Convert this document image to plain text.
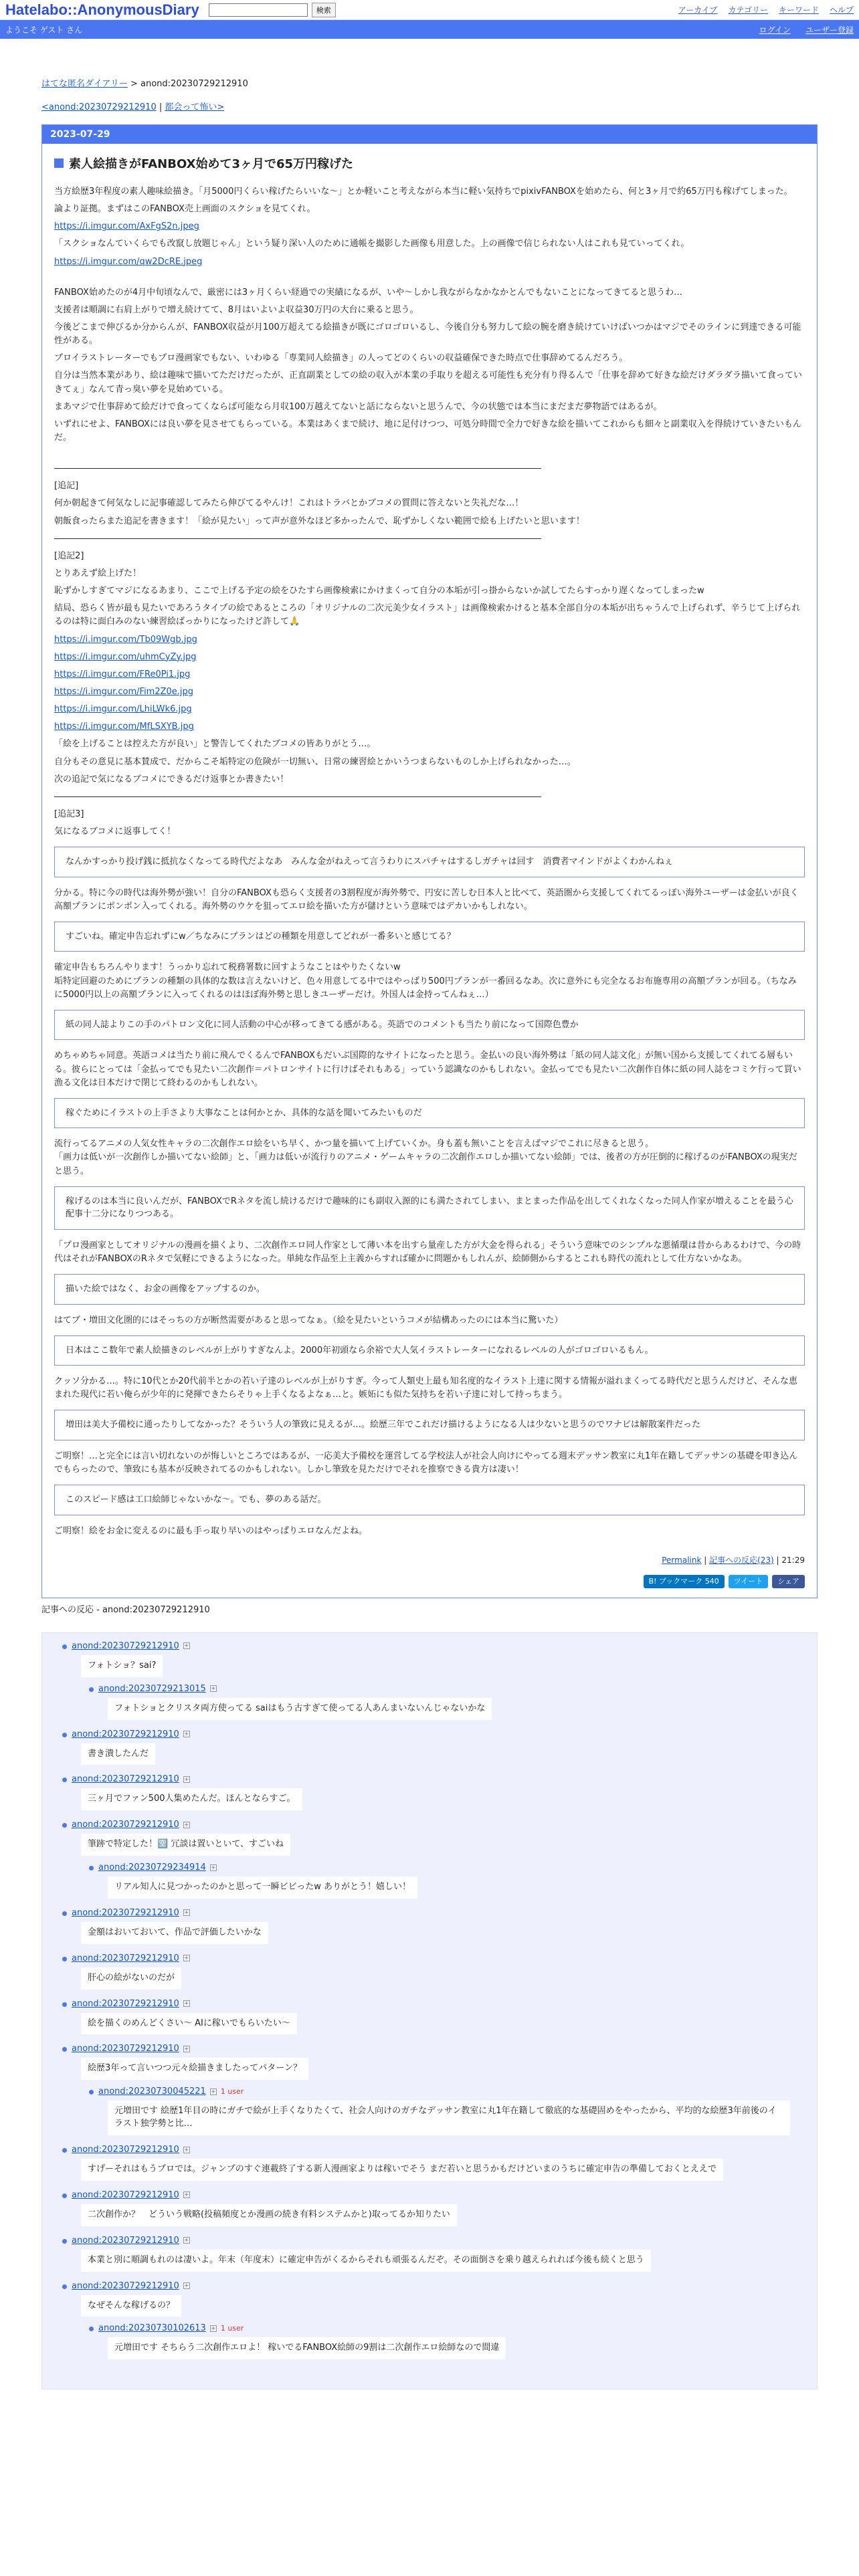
Hatelabo::AnonymousDiary	検索	アーカイブ カテゴリー キーワード ヘルプ
ようこそ ゲスト さん	ログイン ユーザー登録
はてな匿名ダイアリー > anond:20230729212910
<anond:20230729212910 | 都会って怖い>
2023-07-29
素人絵描きがFANBOX始めて3ヶ月で65万円稼げた
当方絵歴3年程度の素人趣味絵描き。「月5000円くらい稼げたらいいな〜」とか軽いこと考えながら本当に軽い気持ちでpixivFANBOXを始めたら、何と3ヶ月で約65万円も稼げてしまった。
論より証拠。まずはこのFANBOX売上画面のスクショを見てくれ。
https://i.imgur.com/AxFgS2n.jpeg
「スクショなんていくらでも改竄し放題じゃん」という疑り深い人のために通帳を撮影した画像も用意した。上の画像で信じられない人はこれも見ていってくれ。
https://i.imgur.com/qw2DcRE.jpeg
FANBOX始めたのが4月中旬頃なんで、厳密には3ヶ月くらい経過での実績になるが、いや〜しかし我ながらなかなかとんでもないことになってきてると思うわ…
支援者は順調に右肩上がりで増え続けてて、8月はいよいよ収益30万円の大台に乗ると思う。
今後どこまで伸びるか分からんが、FANBOX収益が月100万超えてる絵描きが既にゴロゴロいるし、今後自分も努力して絵の腕を磨き続けていけばいつかはマジでそのラインに到達できる可能性がある。
プロイラストレーターでもプロ漫画家でもない、いわゆる「専業同人絵描き」の人ってどのくらいの収益確保できた時点で仕事辞めてるんだろう。
自分は当然本業があり、絵は趣味で描いてただけだったが、正直副業としての絵の収入が本業の手取りを超える可能性も充分有り得るんで「仕事を辞めて好きな絵だけダラダラ描いて食っていきてぇ」なんて青っ臭い夢を見始めている。
まあマジで仕事辞めて絵だけで食ってくならば可能なら月収100万越えてないと話にならないと思うんで、今の状態では本当にまだまだ夢物語ではあるが。
いずれにせよ、FANBOXには良い夢を見させてもらっている。本業はあくまで続け、地に足付けつつ、可処分時間で全力で好きな絵を描いてこれからも細々と副業収入を得続けていきたいもんだ。
――――――――――――――――――――――――――――――――――――――――――――――――――――――――
[追記]
何か朝起きて何気なしに記事確認してみたら伸びてるやんけ！これはトラバとかブコメの質問に答えないと失礼だな…！
朝飯食ったらまた追記を書きます！「絵が見たい」って声が意外なほど多かったんで、恥ずかしくない範囲で絵も上げたいと思います！
――――――――――――――――――――――――――――――――――――――――――――――――――――――――
[追記2]
とりあえず絵上げた！
恥ずかしすぎてマジになるあまり、ここで上げる予定の絵をひたすら画像検索にかけまくって自分の本垢が引っ掛からないか試してたらすっかり遅くなってしまったw
結局、恐らく皆が最も見たいであろうタイプの絵であるところの「オリジナルの二次元美少女イラスト」は画像検索かけると基本全部自分の本垢が出ちゃうんで上げられず、辛うじて上げられるのは特に面白みのない練習絵ばっかりになったけど許して🙏
https://i.imgur.com/Tb09Wgb.jpg
https://i.imgur.com/uhmCyZy.jpg
https://i.imgur.com/FRe0Pi1.jpg
https://i.imgur.com/Fim2Z0e.jpg
https://i.imgur.com/LhiLWk6.jpg
https://i.imgur.com/MfLSXYB.jpg
「絵を上げることは控えた方が良い」と警告してくれたブコメの皆ありがとう…。
自分もその意見に基本賛成で、だからこそ垢特定の危険が一切無い、日常の練習絵とかいうつまらないものしか上げられなかった…。
次の追記で気になるブコメにできるだけ返事とか書きたい！
――――――――――――――――――――――――――――――――――――――――――――――――――――――――
[追記3]
気になるブコメに返事してく！
なんかすっかり投げ銭に抵抗なくなってる時代だよなあ　みんな金がねえって言うわりにスパチャはするしガチャは回す　消費者マインドがよくわかんねぇ
分かる。特に今の時代は海外勢が強い！自分のFANBOXも恐らく支援者の3割程度が海外勢で、円安に苦しむ日本人と比べて、英語圏から支援してくれてるっぽい海外ユーザーは金払いが良く高額プランにポンポン入ってくれる。海外勢のウケを狙ってエロ絵を描いた方が儲けという意味ではデカいかもしれない。
すごいね。確定申告忘れずにw／ちなみにプランはどの種類を用意してどれが一番多いと感じてる？
確定申告もちろんやります！うっかり忘れて税務署数に回すようなことはやりたくないw
垢特定回避のためにプランの種類の具体的な数は言えないけど、色々用意してる中ではやっぱり500円プランが一番回るなあ。次に意外にも完全なるお布施専用の高額プランが回る。（ちなみに5000円以上の高額プランに入ってくれるのはほぼ海外勢と思しきユーザーだけ。外国人は金持ってんねぇ…）
紙の同人誌よりこの手のパトロン文化に同人活動の中心が移ってきてる感がある。英語でのコメントも当たり前になって国際色豊か
めちゃめちゃ同意。英語コメは当たり前に飛んでくるんでFANBOXもだいぶ国際的なサイトになったと思う。金払いの良い海外勢は「紙の同人誌文化」が無い国から支援してくれてる層もいる。彼らにとっては「金払ってでも見たい二次創作＝パトロンサイトに行けばそれもある」っていう認識なのかもしれない。金払ってでも見たい二次創作自体に紙の同人誌をコミケ行って買い漁る文化は日本だけで閉じて終わるのかもしれない。
稼ぐためにイラストの上手さより大事なことは何かとか、具体的な話を聞いてみたいものだ
流行ってるアニメの人気女性キャラの二次創作エロ絵をいち早く、かつ量を描いて上げていくか。身も蓋も無いことを言えばマジでこれに尽きると思う。
「画力は低いが一次創作しか描いてない絵師」と、「画力は低いが流行りのアニメ・ゲームキャラの二次創作エロしか描いてない絵師」では、後者の方が圧倒的に稼げるのがFANBOXの現実だと思う。
稼げるのは本当に良いんだが、FANBOXでRネタを流し続けるだけで趣味的にも副収入源的にも満たされてしまい、まとまった作品を出してくれなくなった同人作家が増えることを最う心配事十二分になりつつある。
「プロ漫画家としてオリジナルの漫画を描くより、二次創作エロ同人作家として薄い本を出すら量産した方が大金を得られる」そういう意味でのシンプルな悪循環は昔からあるわけで、今の時代はそれがFANBOXのRネタで気軽にできるようになった。単純な作品至上主義からすれば確かに問題かもしれんが、絵師側からするとこれも時代の流れとして仕方ないかなあ。
描いた絵ではなく、お金の画像をアップするのか。
はてブ・増田文化圏的にはそっちの方が断然需要があると思ってなぁ。（絵を見たいというコメが結構あったのには本当に驚いた）
日本はここ数年で素人絵描きのレベルが上がりすぎなんよ。2000年初頭なら余裕で大人気イラストレーターになれるレベルの人がゴロゴロいるもん。
クッソ分かる…。特に10代とか20代前半とかの若い子達のレベルが上がりすぎ。今って人類史上最も知名度的なイラスト上達に関する情報が溢れまくってる時代だと思うんだけど、そんな恵まれた現代に若い俺らが少年的に発揮できたらそりゃ上手くなるよなぁ…と。嫉妬にも似た気持ちを若い子達に対して持っちまう。
増田は美大予備校に通ったりしてなかった？そういう人の筆致に見えるが…。絵歴三年でこれだけ描けるようになる人は少ないと思うのでワナビは解散案件だった
ご明察！…と完全には言い切れないのが悔しいところではあるが、一応美大予備校を運営してる学校法人が社会人向けにやってる週末デッサン教室に丸1年在籍してデッサンの基礎を叩き込んでもらったので、筆致にも基本が反映されてるのかもしれない。しかし筆致を見ただけでそれを推察できる貴方は凄い！
このスピード感は工口絵師じゃないかな～。でも、夢のある話だ。
ご明察！絵をお金に変えるのに最も手っ取り早いのはやっぱりエロなんだよね。
Permalink | 記事への反応(23) | 21:29
B! ブックマーク 540	ツイート	シェア
記事への反応 - anond:20230729212910
anond:20230729212910 +
フォトショ？sai?
anond:20230729213015 +
フォトショとクリスタ両方使ってる saiはもう古すぎて使ってる人あんまいないんじゃないかな
anond:20230729212910 +
書き潰したんだ
anond:20230729212910 +
三ヶ月でファン500人集めたんだ。ほんとならすご。
anond:20230729212910 +
筆跡で特定した！🈳 冗談は置いといて、すごいね
anond:20230729234914 +
リアル知人に見つかったのかと思って一瞬ビビったw ありがとう！嬉しい！
anond:20230729212910 +
金額はおいておいて、作品で評価したいかな
anond:20230729212910 +
肝心の絵がないのだが
anond:20230729212910 +
絵を描くのめんどくさい～ AIに稼いでもらいたい～
anond:20230729212910 +
絵歴3年って言いつつ元々絵描きましたってパターン？
anond:20230730045221 + 1 user
元増田です 絵歴1年目の時にガチで絵が上手くなりたくて、社会人向けのガチなデッサン教室に丸1年在籍して徹底的な基礎固めをやったから、平均的な絵歴3年前後のイラスト独学勢と比…
anond:20230729212910 +
すげーそれはもうプロでは。ジャンプのすぐ連載終了する新人漫画家よりは稼いでそう まだ若いと思うかもだけどいまのうちに確定申告の準備しておくとええで
anond:20230729212910 +
二次創作か？　どういう戦略(投稿頻度とか漫画の続き有料システムかと)取ってるか知りたい
anond:20230729212910 +
本業と別に順調もれのは凄いよ。年末（年度末）に確定申告がくるからそれも頑張るんだぞ。その面倒さを乗り越えられれば今後も続くと思う
anond:20230729212910 +
なぜそんな稼げるの？
anond:20230730102613 + 1 user
元増田です そちらう二次創作エロよ！ 稼いでるFANBOX絵師の9割は二次創作エロ絵師なので間違
